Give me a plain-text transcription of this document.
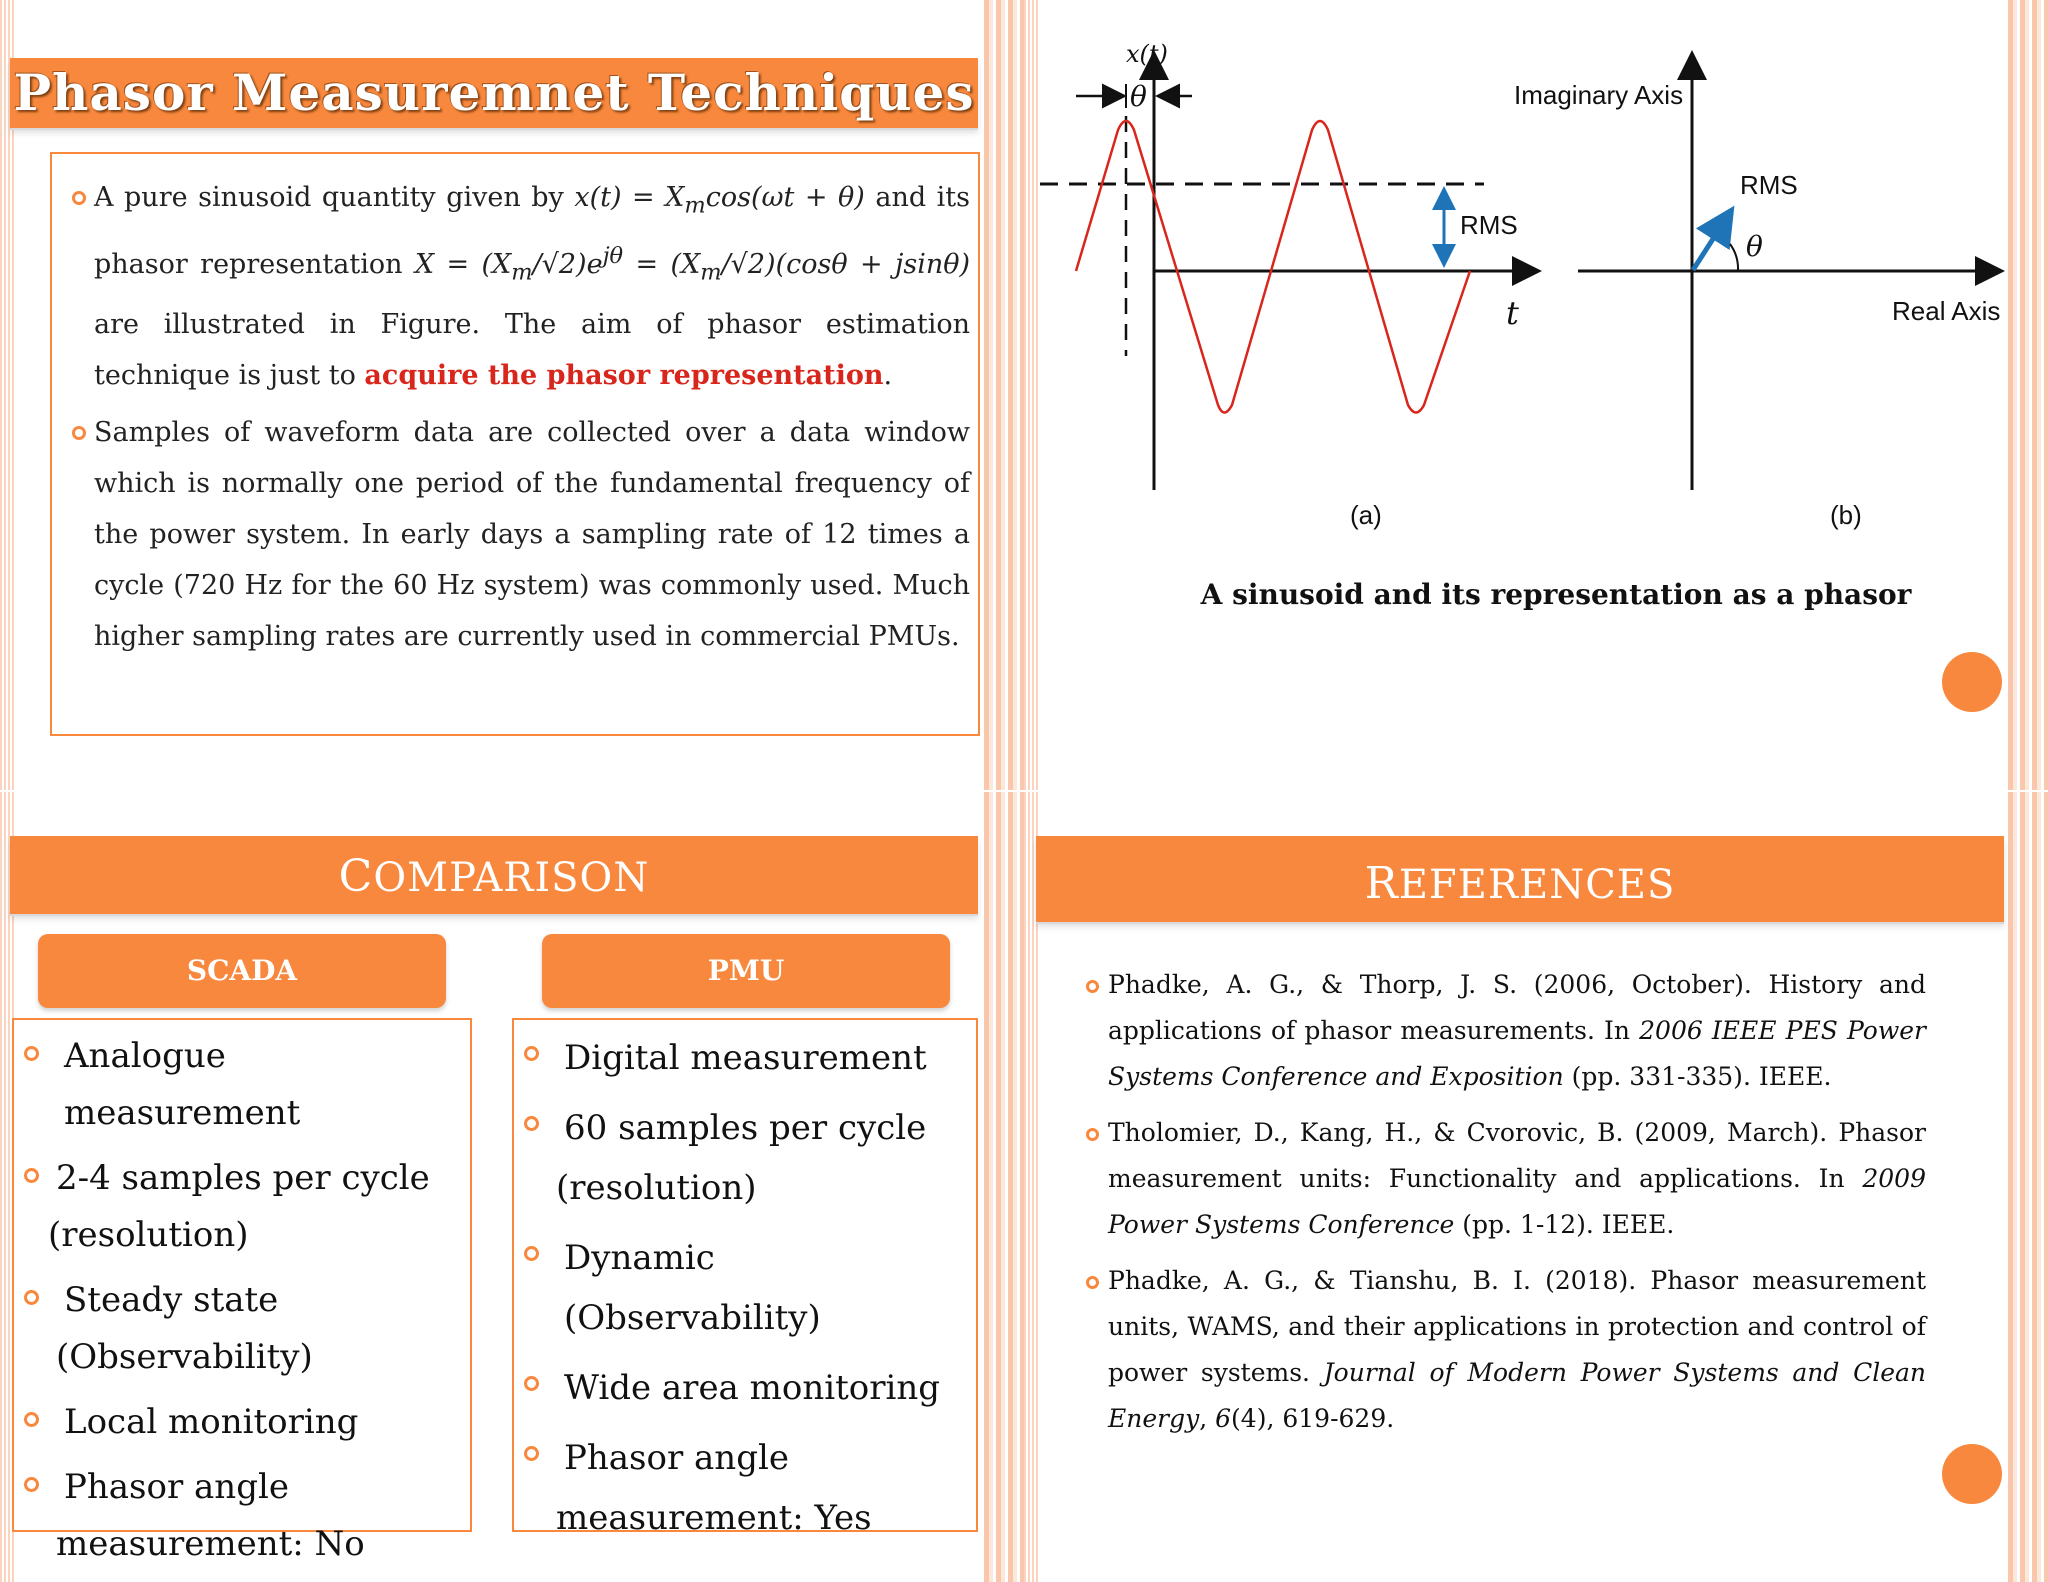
Phasor Measuremnet Techniques
A pure sinusoid quantity given by $x(t) = X_m\cos(\omega t + \theta)$ and its phasor representation $X = (X_m/√2)e^{j\theta} = (X_m/√2)(\cos\theta + jsin\theta)$ are illustrated in Figure. The aim of phasor estimation technique is just to acquire the phasor representation.
Samples of waveform data are collected over a data window which is normally one period of the fundamental frequency of the power system. In early days a sampling rate of 12 times a cycle (720 Hz for the 60 Hz system) was commonly used. Much higher sampling rates are currently used in commercial PMUs.
x(t)
θ
RMS
t
θ
RMS
Imaginary Axis
Real Axis
(a)	(b)
A sinusoid and its representation as a phasor
COMPARISON
SCADA	PMU
Analogue measurement
2-4 samples per cycle
(resolution)
Steady state
(Observability)
Local monitoring
Phasor angle
measurement: No
Digital measurement
60 samples per cycle
(resolution)
Dynamic (Observability)
Wide area monitoring
Phasor angle
measurement: Yes
REFERENCES
Phadke, A. G., & Thorp, J. S. (2006, October). History and applications of phasor measurements. In 2006 IEEE PES Power Systems Conference and Exposition (pp. 331-335). IEEE.
Tholomier, D., Kang, H., & Cvorovic, B. (2009, March). Phasor measurement units: Functionality and applications. In 2009 Power Systems Conference (pp. 1-12). IEEE.
Phadke, A. G., & Tianshu, B. I. (2018). Phasor measurement units, WAMS, and their applications in protection and control of power systems. Journal of Modern Power Systems and Clean Energy, 6(4), 619-629.
